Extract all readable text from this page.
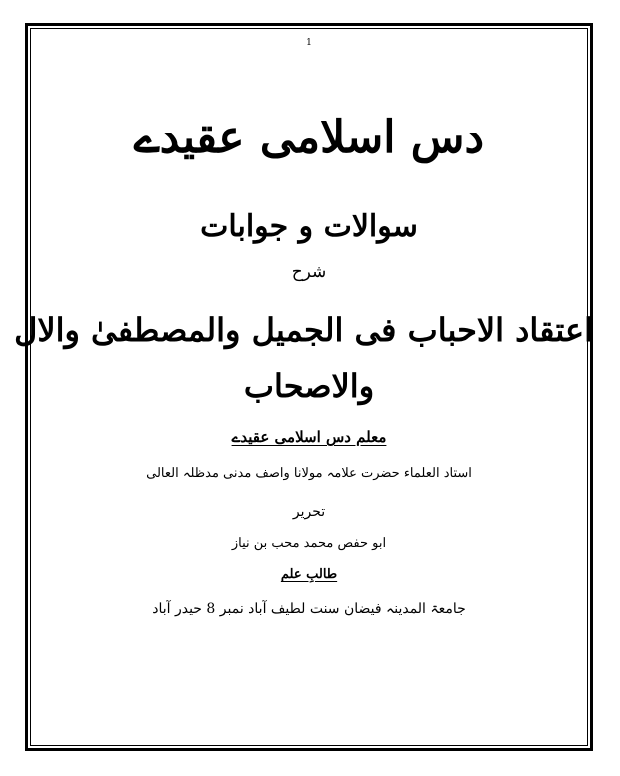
1
دس اسلامی عقیدے
سوالات و جوابات
شرح
اعتقاد الاحباب فی الجمیل والمصطفیٰ والال
والاصحاب
معلم دس اسلامی عقیدے
استاد العلماء حضرت علامہ مولانا واصف مدنی مدظلہ العالی
تحریر
ابو حفص محمد محب بن نیاز
طالبِ علم
جامعۃ المدینہ فیضان سنت لطیف آباد نمبر 8 حیدر آباد
